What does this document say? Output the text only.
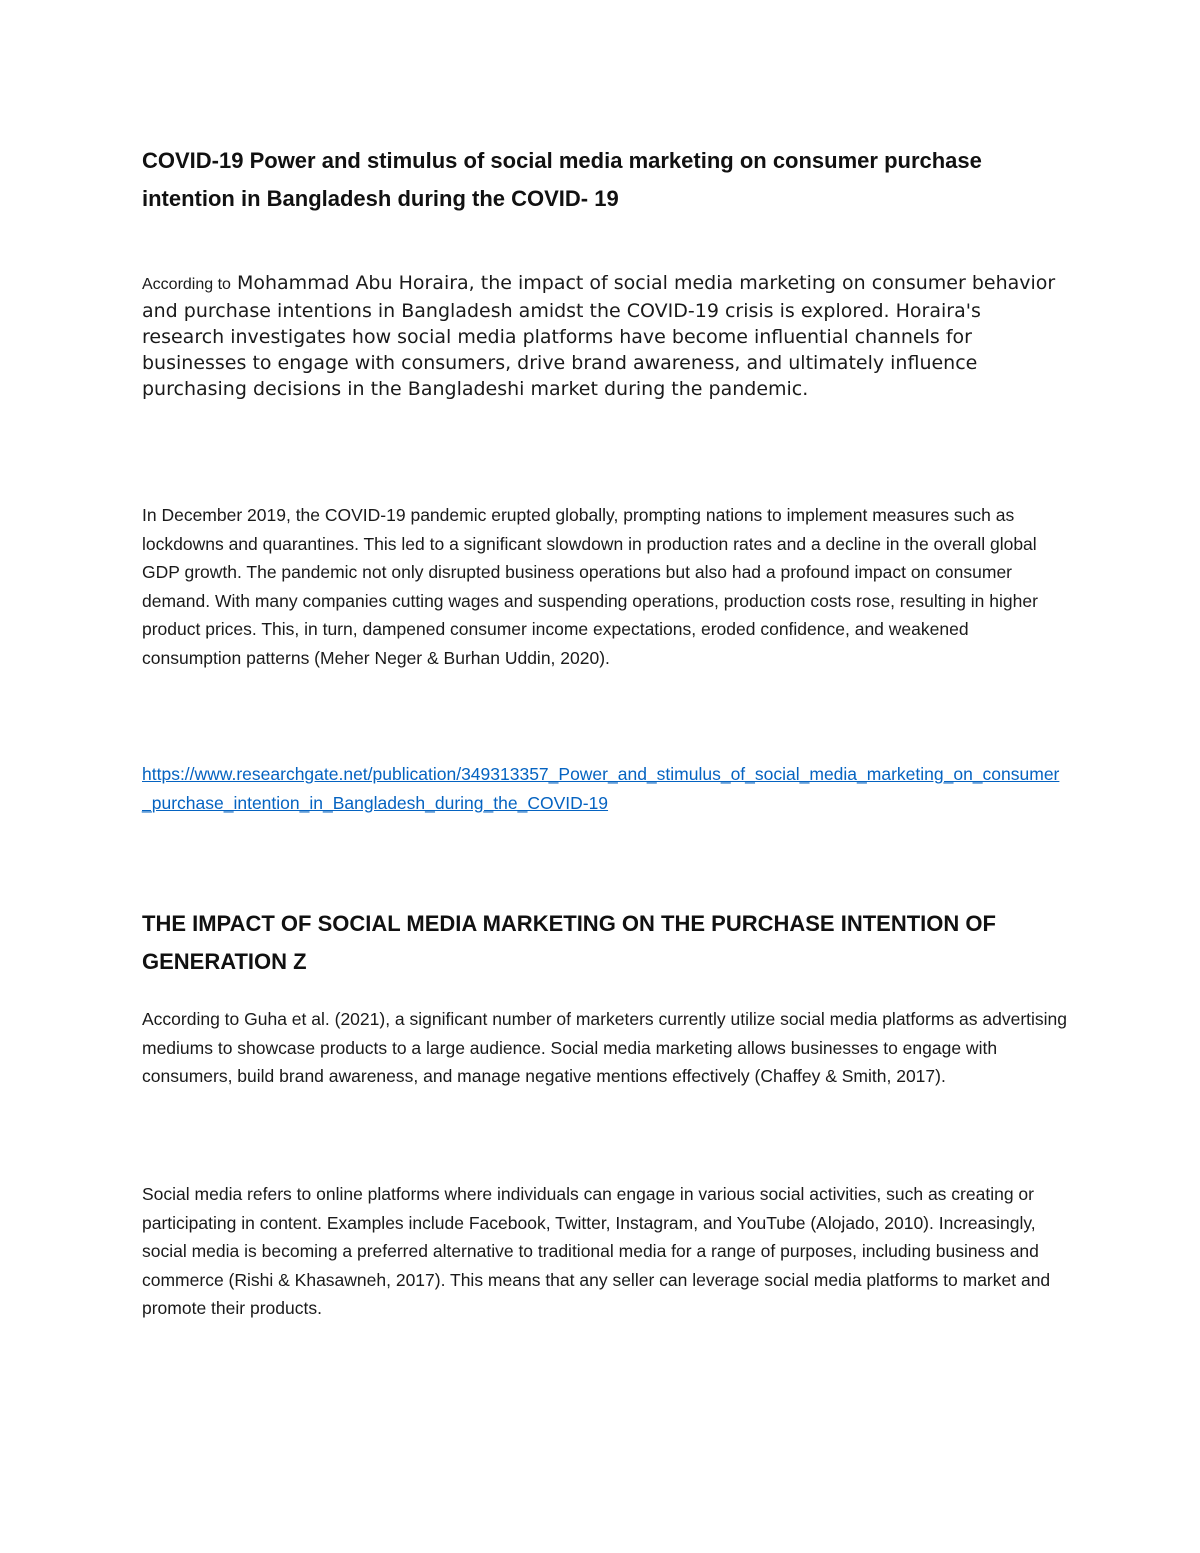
COVID-19 Power and stimulus of social media marketing on consumer purchase intention in Bangladesh during the COVID- 19

According to Mohammad Abu Horaira, the impact of social media marketing on consumer behavior and purchase intentions in Bangladesh amidst the COVID-19 crisis is explored. Horaira's research investigates how social media platforms have become influential channels for businesses to engage with consumers, drive brand awareness, and ultimately influence purchasing decisions in the Bangladeshi market during the pandemic.

In December 2019, the COVID-19 pandemic erupted globally, prompting nations to implement measures such as lockdowns and quarantines. This led to a significant slowdown in production rates and a decline in the overall global GDP growth. The pandemic not only disrupted business operations but also had a profound impact on consumer demand. With many companies cutting wages and suspending operations, production costs rose, resulting in higher product prices. This, in turn, dampened consumer income expectations, eroded confidence, and weakened consumption patterns (Meher Neger & Burhan Uddin, 2020).

https://www.researchgate.net/publication/349313357_Power_and_stimulus_of_social_media_marketing_on_consumer_purchase_intention_in_Bangladesh_during_the_COVID-19

THE IMPACT OF SOCIAL MEDIA MARKETING ON THE PURCHASE INTENTION OF GENERATION Z

According to Guha et al. (2021), a significant number of marketers currently utilize social media platforms as advertising mediums to showcase products to a large audience. Social media marketing allows businesses to engage with consumers, build brand awareness, and manage negative mentions effectively (Chaffey & Smith, 2017).

Social media refers to online platforms where individuals can engage in various social activities, such as creating or participating in content. Examples include Facebook, Twitter, Instagram, and YouTube (Alojado, 2010). Increasingly, social media is becoming a preferred alternative to traditional media for a range of purposes, including business and commerce (Rishi & Khasawneh, 2017). This means that any seller can leverage social media platforms to market and promote their products.
